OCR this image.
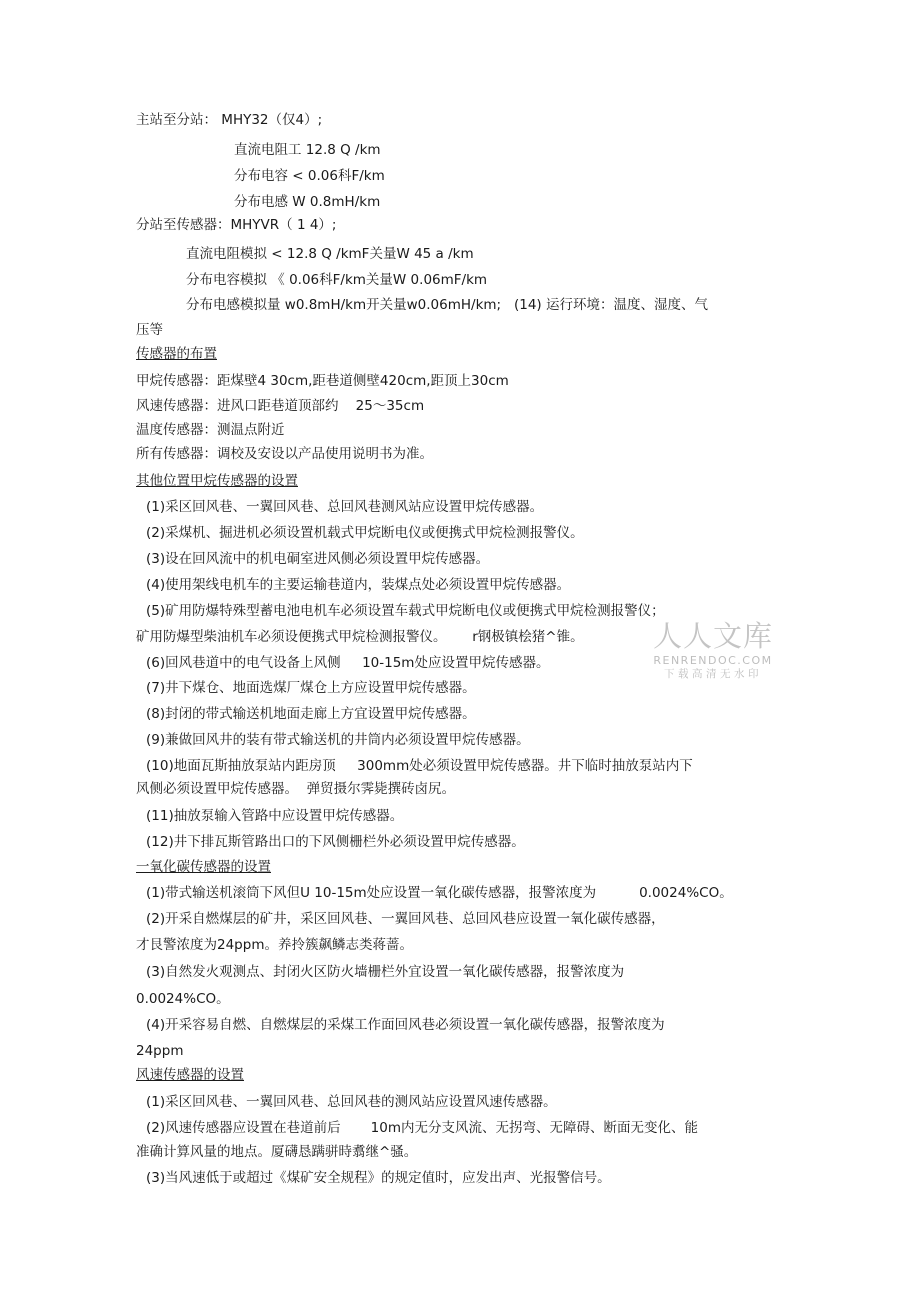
主站至分站： MHY32（仅4）;
直流电阻工 12.8 Q /km
分布电容 < 0.06科F/km
分布电感 W 0.8mH/km
分站至传感器：MHYVR（ 1 4）;
直流电阻模拟 < 12.8 Q /kmF关量W 45 a /km
分布电容模拟 《 0.06科F/km关量W 0.06mF/km
分布电感模拟量 w0.8mH/km开关量w0.06mH/km;   (14) 运行环境：温度、湿度、气
压等
传感器的布置
甲烷传感器：距煤壁4 30cm,距巷道侧壁420cm,距顶上30cm
风速传感器：进风口距巷道顶部约    25～35cm
温度传感器：测温点附近
所有传感器：调校及安设以产品使用说明书为准。
其他位置甲烷传感器的设置
(1)采区回风巷、一翼回风巷、总回风巷测风站应设置甲烷传感器。
(2)采煤机、掘进机必须设置机载式甲烷断电仪或便携式甲烷检测报警仪。
(3)设在回风流中的机电硐室进风侧必须设置甲烷传感器。
(4)使用架线电机车的主要运输巷道内，装煤点处必须设置甲烷传感器。
(5)矿用防爆特殊型蓄电池电机车必须设置车载式甲烷断电仪或便携式甲烷检测报警仪；
矿用防爆型柴油机车必须设便携式甲烷检测报警仪。      r钢极镇桧猪^锥。
(6)回风巷道中的电气设备上风侧     10-15m处应设置甲烷传感器。
(7)井下煤仓、地面选煤厂煤仓上方应设置甲烷传感器。
(8)封闭的带式输送机地面走廊上方宜设置甲烷传感器。
(9)兼做回风井的装有带式输送机的井筒内必须设置甲烷传感器。
(10)地面瓦斯抽放泵站内距房顶     300mm处必须设置甲烷传感器。井下临时抽放泵站内下
风侧必须设置甲烷传感器。  弹贸摄尔霁毙撰砖卤尻。
(11)抽放泵输入管路中应设置甲烷传感器。
(12)井下排瓦斯管路出口的下风侧栅栏外必须设置甲烷传感器。
一氧化碳传感器的设置
(1)带式输送机滚筒下风但U 10-15m处应设置一氧化碳传感器，报警浓度为          0.0024%CO。
(2)开采自燃煤层的矿井，采区回风巷、一翼回风巷、总回风巷应设置一氧化碳传感器，
才艮警浓度为24ppm。养拎簇飙鳞志类蒋蔷。
(3)自然发火观测点、封闭火区防火墙栅栏外宜设置一氧化碳传感器，报警浓度为
0.0024%CO。
(4)开采容易自燃、自燃煤层的采煤工作面回风巷必须设置一氧化碳传感器，报警浓度为
24ppm
风速传感器的设置
(1)采区回风巷、一翼回风巷、总回风巷的测风站应设置风速传感器。
(2)风速传感器应设置在巷道前后       10m内无分支风流、无拐弯、无障碍、断面无变化、能
准确计算风量的地点。厦礴恳蹒骈時翥继^骚。
(3)当风速低于或超过《煤矿安全规程》的规定值时，应发出声、光报警信号。
人人文库
RENRENDOC.COM
下载高清无水印
